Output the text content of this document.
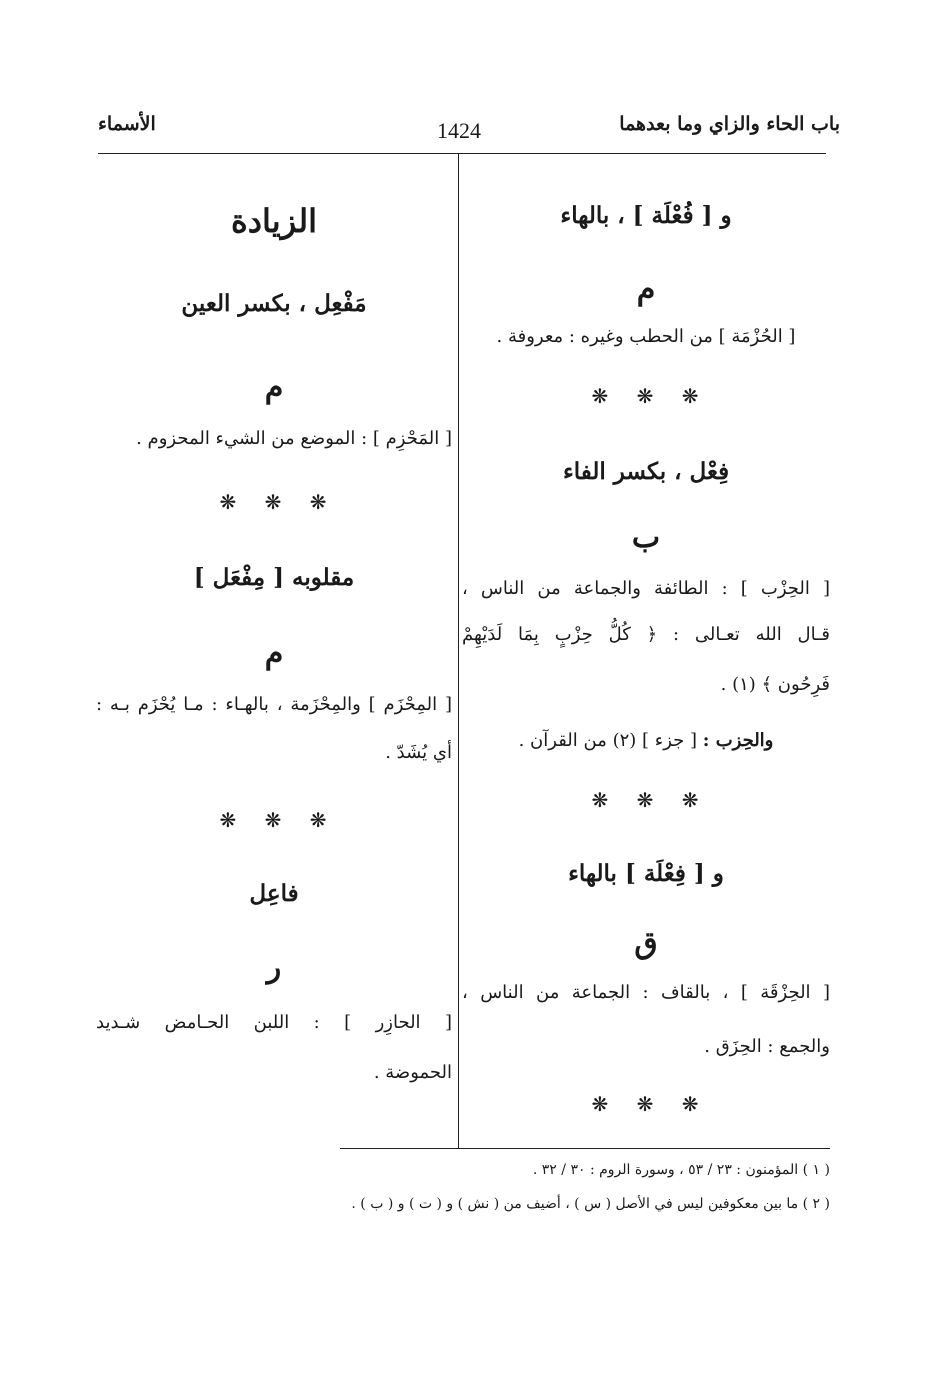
باب الحاء والزاي وما بعدهما
1424
الأسماء
و [ فُعْلَة ] ، بالهاء
م
[ الحُزْمَة ] من الحطب وغيره : معروفة .
❋ ❋ ❋
فِعْل ، بكسر الفاء
ب
[ الحِزْب ] : الطائفة والجماعة من الناس ،
قـال الله تعـالى : ﴿ كُلُّ حِزْبٍ بِمَا لَدَيْهِمْ
فَرِحُون ﴾ (١) .
والحِزب : [ جزء ] (٢) من القرآن .
❋ ❋ ❋
و [ فِعْلَة ] بالهاء
ق
[ الحِزْقَة ] ، بالقاف : الجماعة من الناس ،
والجمع : الحِزَق .
❋ ❋ ❋
الزيادة
مَفْعِل ، بكسر العين
م
[ المَحْزِم ] : الموضع من الشيء المحزوم .
❋ ❋ ❋
مقلوبه [ مِفْعَل ]
م
[ المِحْزَم ] والمِحْزَمة ، بالهـاء : مـا يُحْزَم بـه :
أي يُشَدّ .
❋ ❋ ❋
فاعِل
ر
[ الحازِر ] : اللبن الحـامض شـديد
الحموضة .
( ١ ) المؤمنون : ٢٣ / ٥٣ ، وسورة الروم : ٣٠ / ٣٢ .
( ٢ ) ما بين معكوفين ليس في الأصل ( س ) ، أضيف من ( نش ) و ( ت ) و ( ب ) .
